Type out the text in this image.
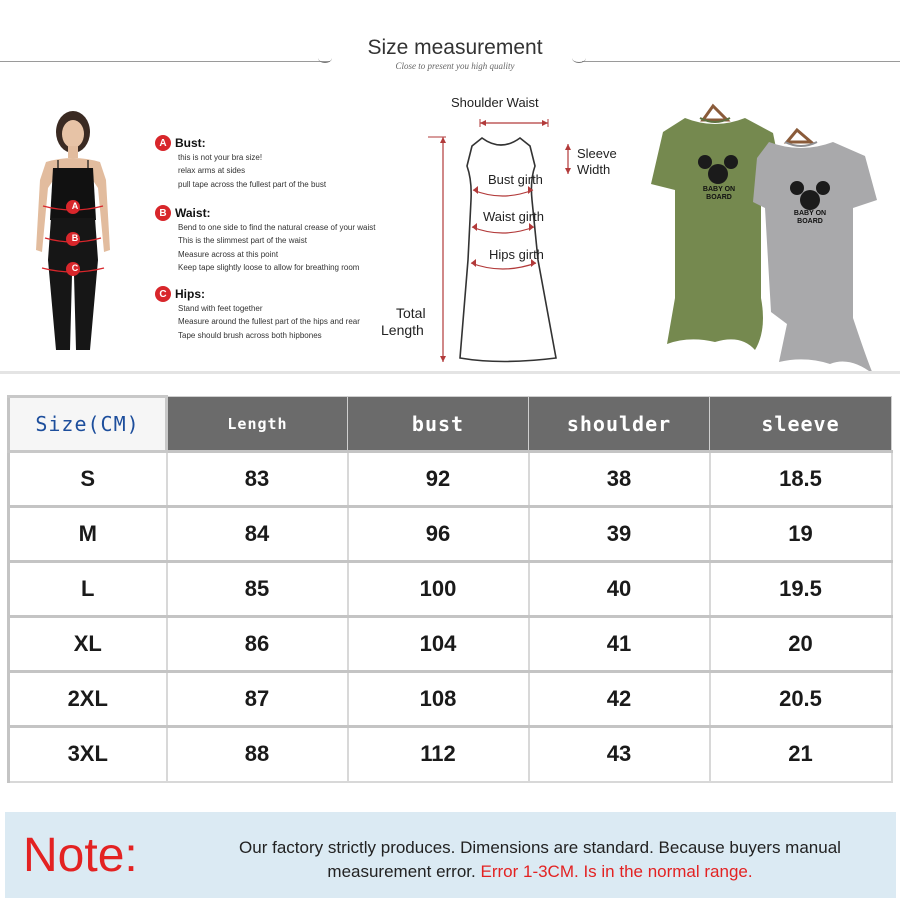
Size measurement
Close to present you high quality
A
B
C
A Bust:
this is not your bra size!
relax arms at sides
pull tape across the fullest part of the bust
B Waist:
Bend to one side to find the natural crease of your waist
This is the slimmest part of the waist
Measure across at this point
Keep tape slightly loose to allow for breathing room
C Hips:
Stand with feet together
Measure around the fullest part of the hips and rear
Tape should brush across both hipbones
Shoulder Waist
Sleeve
Width
Bust girth
Waist girth
Hips girth
Total
Length
BABY ON
BOARD
BABY ON
BOARD
Size(CM)	Length	bust	shoulder	sleeve
S	83	92	38	18.5
M	84	96	39	19
L	85	100	40	19.5
XL	86	104	41	20
2XL	87	108	42	20.5
3XL	88	112	43	21
Note:	Our factory strictly produces. Dimensions are standard. Because buyers manual measurement error. Error 1-3CM. Is in the normal range.
